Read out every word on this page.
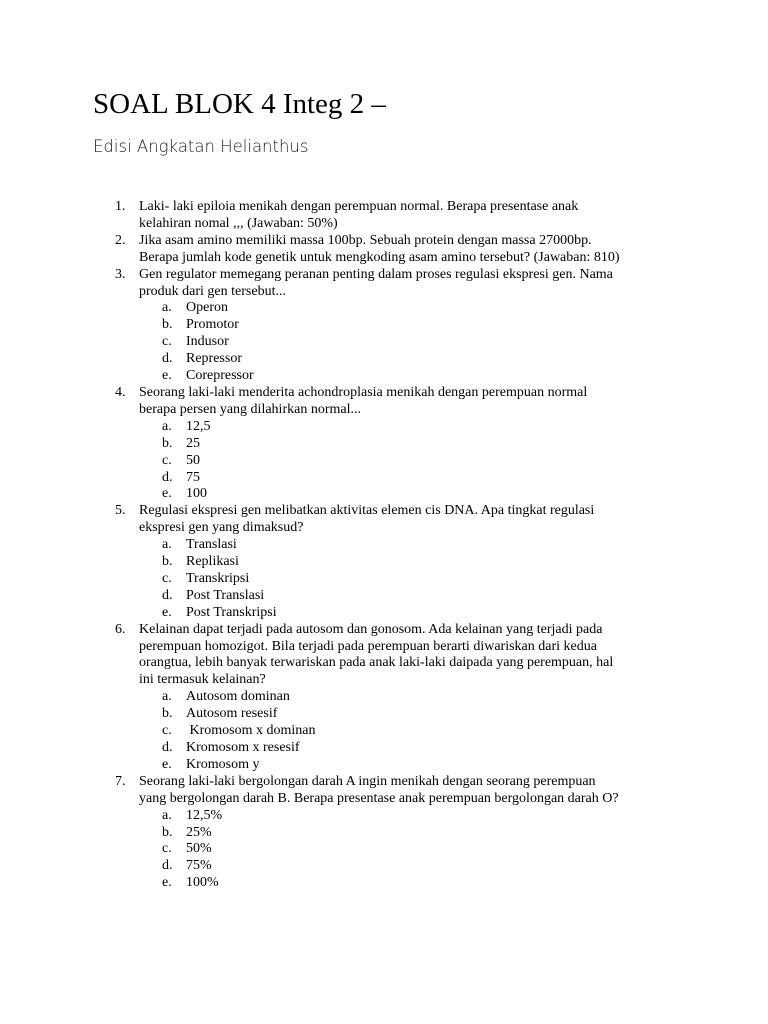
SOAL BLOK 4 Integ 2 –
Edisi Angkatan Helianthus
1. Laki- laki epiloia menikah dengan perempuan normal. Berapa presentase anak
kelahiran nomal ,,, (Jawaban: 50%)
2. Jika asam amino memiliki massa 100bp. Sebuah protein dengan massa 27000bp.
Berapa jumlah kode genetik untuk mengkoding asam amino tersebut? (Jawaban: 810)
3. Gen regulator memegang peranan penting dalam proses regulasi ekspresi gen. Nama
produk dari gen tersebut...
a. Operon
b. Promotor
c. Indusor
d. Repressor
e. Corepressor
4. Seorang laki-laki menderita achondroplasia menikah dengan perempuan normal
berapa persen yang dilahirkan normal...
a. 12,5
b. 25
c. 50
d. 75
e. 100
5. Regulasi ekspresi gen melibatkan aktivitas elemen cis DNA. Apa tingkat regulasi
ekspresi gen yang dimaksud?
a. Translasi
b. Replikasi
c. Transkripsi
d. Post Translasi
e. Post Transkripsi
6. Kelainan dapat terjadi pada autosom dan gonosom. Ada kelainan yang terjadi pada
perempuan homozigot. Bila terjadi pada perempuan berarti diwariskan dari kedua
orangtua, lebih banyak terwariskan pada anak laki-laki daipada yang perempuan, hal
ini termasuk kelainan?
a. Autosom dominan
b. Autosom resesif
c. Kromosom x dominan
d. Kromosom x resesif
e. Kromosom y
7. Seorang laki-laki bergolongan darah A ingin menikah dengan seorang perempuan
yang bergolongan darah B. Berapa presentase anak perempuan bergolongan darah O?
a. 12,5%
b. 25%
c. 50%
d. 75%
e. 100%
